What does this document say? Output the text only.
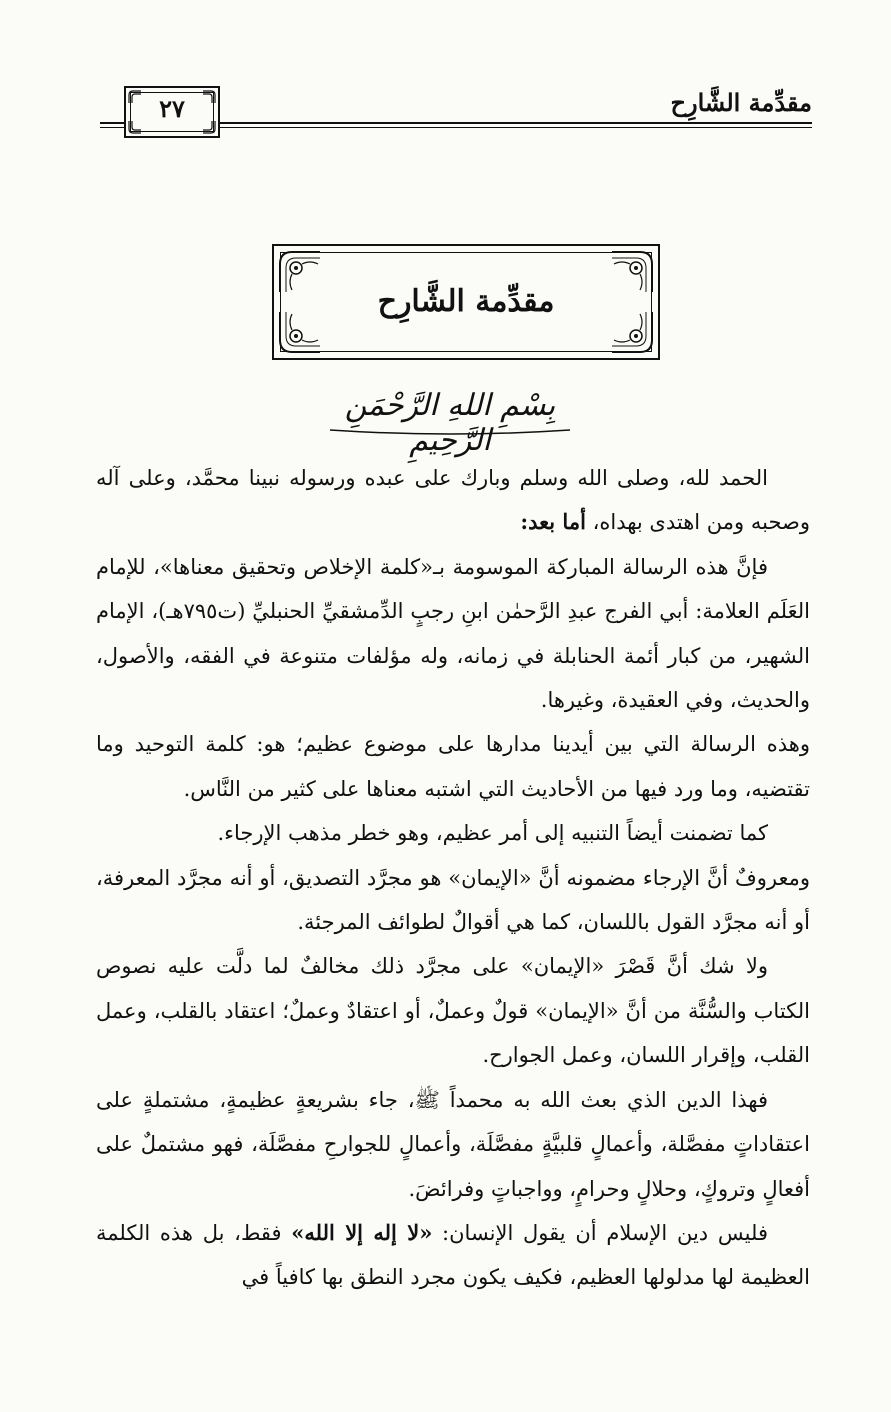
مقدِّمة الشَّارِح
٢٧
مقدِّمة الشَّارِح
بِسْمِ اللهِ الرَّحْمَنِ الرَّحِيمِ

الحمد لله، وصلى الله وسلم وبارك على عبده ورسوله نبينا محمَّد، وعلى آله وصحبه ومن اهتدى بهداه، أما بعد:

فإنَّ هذه الرسالة المباركة الموسومة بـ«كلمة الإخلاص وتحقيق معناها»، للإمام العَلَم العلامة: أبي الفرج عبدِ الرَّحمٰن ابنِ رجبٍ الدِّمشقيِّ الحنبليِّ (ت٧٩٥هـ)، الإمام الشهير، من كبار أئمة الحنابلة في زمانه، وله مؤلفات متنوعة في الفقه، والأصول، والحديث، وفي العقيدة، وغيرها.

وهذه الرسالة التي بين أيدينا مدارها على موضوع عظيم؛ هو: كلمة التوحيد وما تقتضيه، وما ورد فيها من الأحاديث التي اشتبه معناها على كثير من النَّاس.

كما تضمنت أيضاً التنبيه إلى أمر عظيم، وهو خطر مذهب الإرجاء.

ومعروفٌ أنَّ الإرجاء مضمونه أنَّ «الإيمان» هو مجرَّد التصديق، أو أنه مجرَّد المعرفة، أو أنه مجرَّد القول باللسان، كما هي أقوالٌ لطوائف المرجئة.

ولا شك أنَّ قَصْرَ «الإيمان» على مجرَّد ذلك مخالفٌ لما دلَّت عليه نصوص الكتاب والسُّنَّة من أنَّ «الإيمان» قولٌ وعملٌ، أو اعتقادٌ وعملٌ؛ اعتقاد بالقلب، وعمل القلب، وإقرار اللسان، وعمل الجوارح.

فهذا الدين الذي بعث الله به محمداً ﷺ، جاء بشريعةٍ عظيمةٍ، مشتملةٍ على اعتقاداتٍ مفصَّلة، وأعمالٍ قلبيَّةٍ مفصَّلَة، وأعمالٍ للجوارحِ مفصَّلَة، فهو مشتملٌ على أفعالٍ وتروكٍ، وحلالٍ وحرامٍ، وواجباتٍ وفرائضَ.

فليس دين الإسلام أن يقول الإنسان: «لا إله إلا الله» فقط، بل هذه الكلمة العظيمة لها مدلولها العظيم، فكيف يكون مجرد النطق بها كافياً في
